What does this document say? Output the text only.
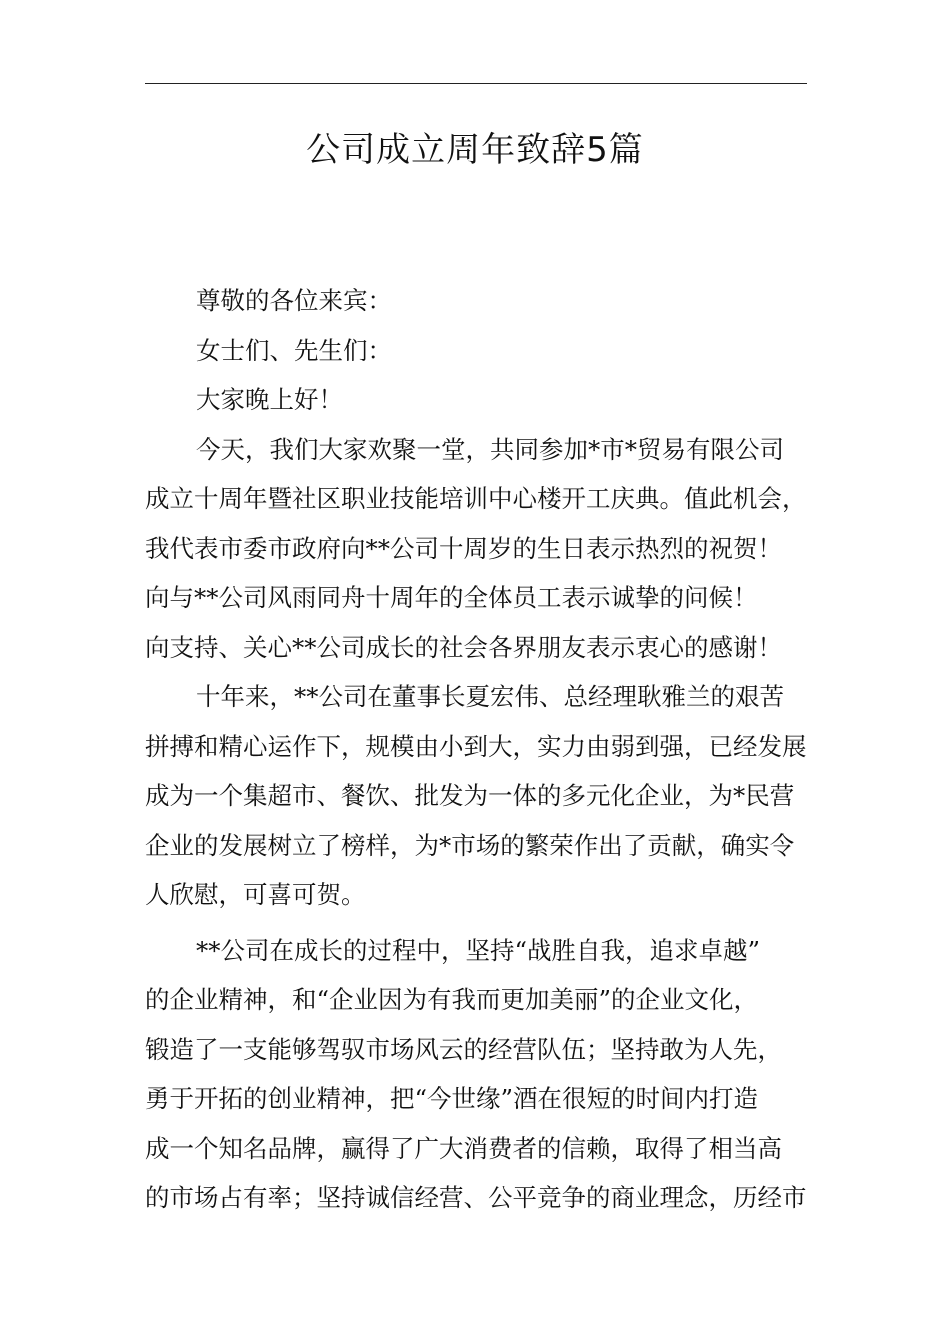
公司成立周年致辞5篇
尊敬的各位来宾：
女士们、先生们：
大家晚上好！
今天，我们大家欢聚一堂，共同参加*市*贸易有限公司
成立十周年暨社区职业技能培训中心楼开工庆典。值此机会，
我代表市委市政府向**公司十周岁的生日表示热烈的祝贺！
向与**公司风雨同舟十周年的全体员工表示诚挚的问候！
向支持、关心**公司成长的社会各界朋友表示衷心的感谢！
十年来，**公司在董事长夏宏伟、总经理耿雅兰的艰苦
拼搏和精心运作下，规模由小到大，实力由弱到强，已经发展
成为一个集超市、餐饮、批发为一体的多元化企业，为*民营
企业的发展树立了榜样，为*市场的繁荣作出了贡献，确实令
人欣慰，可喜可贺。
**公司在成长的过程中，坚持“战胜自我，追求卓越”
的企业精神，和“企业因为有我而更加美丽”的企业文化，
锻造了一支能够驾驭市场风云的经营队伍；坚持敢为人先，
勇于开拓的创业精神，把“今世缘”酒在很短的时间内打造
成一个知名品牌，赢得了广大消费者的信赖，取得了相当高
的市场占有率；坚持诚信经营、公平竞争的商业理念，历经市
